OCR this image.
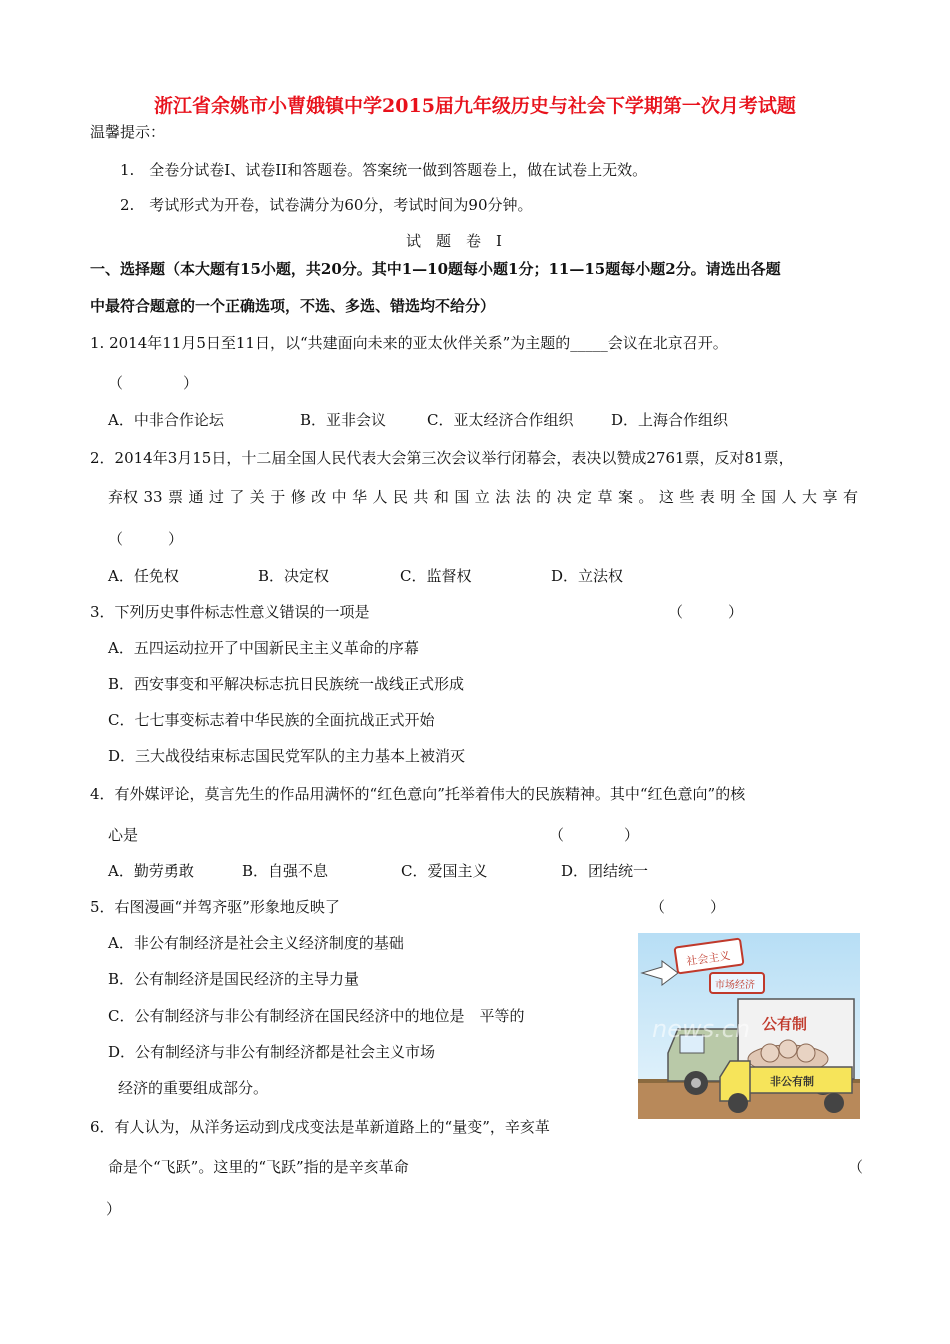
浙江省余姚市小曹娥镇中学2015届九年级历史与社会下学期第一次月考试题
温馨提示：
1.　全卷分试卷Ⅰ、试卷II和答题卷。答案统一做到答题卷上，做在试卷上无效。
2.　考试形式为开卷，试卷满分为60分，考试时间为90分钟。
试　题　卷　Ⅰ
一、选择题（本大题有15小题，共20分。其中1—10题每小题1分；11—15题每小题2分。请选出各题
中最符合题意的一个正确选项，不选、多选、错选均不给分）
1. 2014年11月5日至11日，以“共建面向未来的亚太伙伴关系”为主题的_____会议在北京召开。
（　　　　）
A．中非合作论坛	B．亚非会议	C．亚太经济合作组织	D．上海合作组织
2．2014年3月15日，十二届全国人民代表大会第三次会议举行闭幕会，表决以赞成2761票，反对81票，
弃权 33 票 通 过 了 关 于 修 改 中 华 人 民 共 和 国 立 法 法 的 决 定 草 案 。 这 些 表 明 全 国 人 大 享 有
（　　　）
A．任免权	B．决定权	C．监督权	D．立法权
3．下列历史事件标志性意义错误的一项是	（　　　）
A．五四运动拉开了中国新民主主义革命的序幕
B．西安事变和平解决标志抗日民族统一战线正式形成
C．七七事变标志着中华民族的全面抗战正式开始
D．三大战役结束标志国民党军队的主力基本上被消灭
4．有外媒评论，莫言先生的作品用满怀的“红色意向”托举着伟大的民族精神。其中“红色意向”的核
心是	（　　　　）
A．勤劳勇敢	B．自强不息	C．爱国主义	D．团结统一
5．右图漫画“并驾齐驱”形象地反映了	（　　　）
A．非公有制经济是社会主义经济制度的基础
B．公有制经济是国民经济的主导力量
C．公有制经济与非公有制经济在国民经济中的地位是　平等的
D．公有制经济与非公有制经济都是社会主义市场
经济的重要组成部分。
社会主义
市场经济
公有制
非公有制
news.cn
6．有人认为，从洋务运动到戊戌变法是革新道路上的“量变”，辛亥革
命是个“飞跃”。这里的“飞跃”指的是辛亥革命	（
）
